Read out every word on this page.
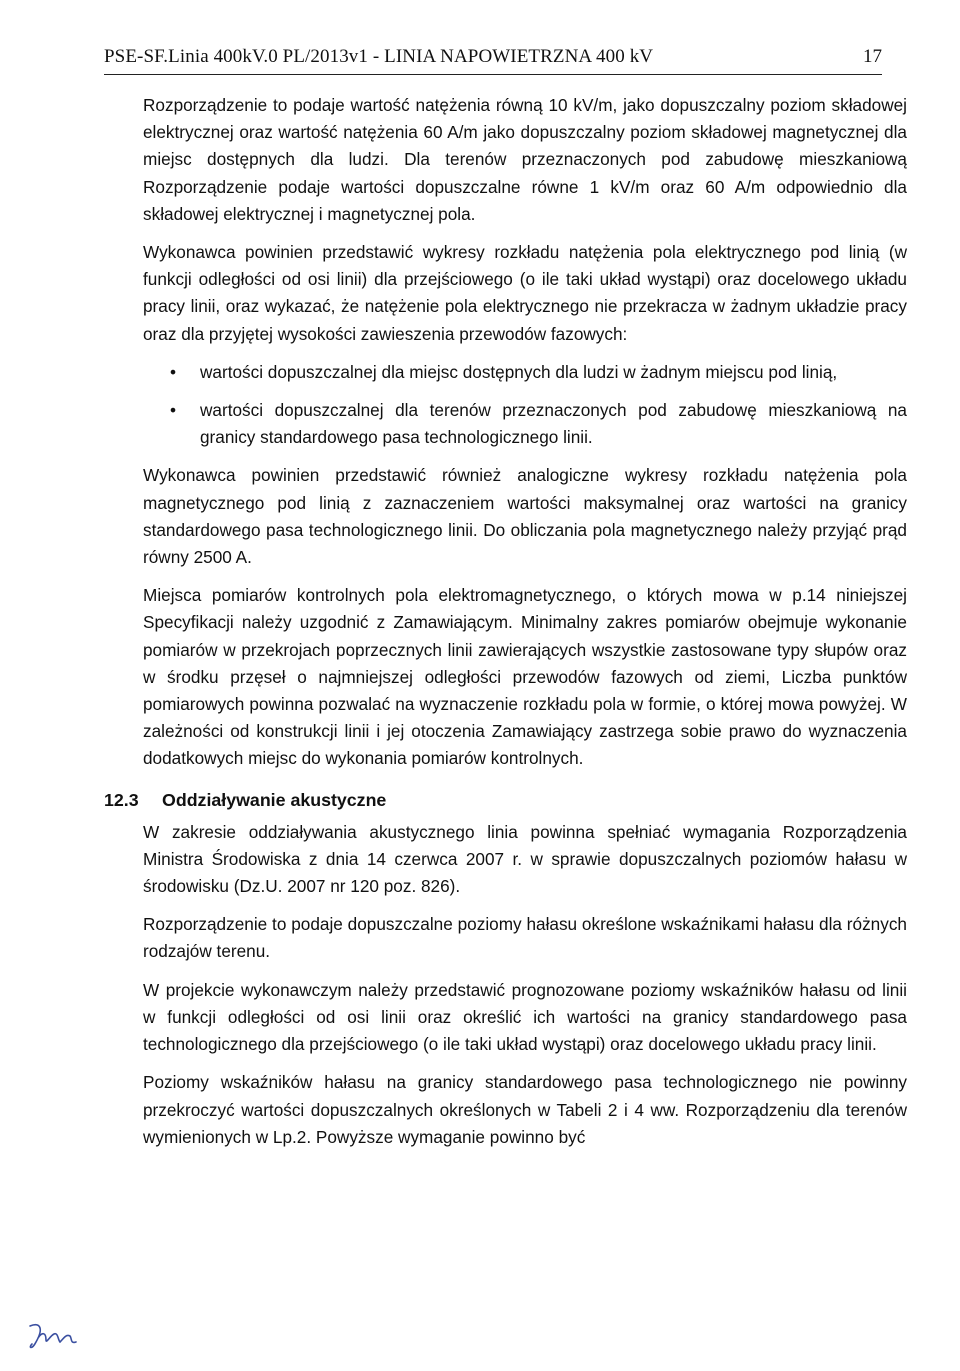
PSE-SF.Linia 400kV.0 PL/2013v1 - LINIA NAPOWIETRZNA 400 kV	17

Rozporządzenie to podaje wartość natężenia równą 10 kV/m, jako dopuszczalny poziom składowej elektrycznej oraz wartość natężenia 60 A/m jako dopuszczalny poziom składowej magnetycznej dla miejsc dostępnych dla ludzi. Dla terenów przeznaczonych pod zabudowę mieszkaniową Rozporządzenie podaje wartości dopuszczalne równe 1 kV/m oraz 60 A/m odpowiednio dla składowej elektrycznej i magnetycznej pola.

Wykonawca powinien przedstawić wykresy rozkładu natężenia pola elektrycznego pod linią (w funkcji odległości od osi linii) dla przejściowego (o ile taki układ wystąpi) oraz docelowego układu pracy linii, oraz wykazać, że natężenie pola elektrycznego nie przekracza w żadnym układzie pracy oraz dla przyjętej wysokości zawieszenia przewodów fazowych:

• wartości dopuszczalnej dla miejsc dostępnych dla ludzi w żadnym miejscu pod linią,
• wartości dopuszczalnej dla terenów przeznaczonych pod zabudowę mieszkaniową na granicy standardowego pasa technologicznego linii.

Wykonawca powinien przedstawić również analogiczne wykresy rozkładu natężenia pola magnetycznego pod linią z zaznaczeniem wartości maksymalnej oraz wartości na granicy standardowego pasa technologicznego linii. Do obliczania pola magnetycznego należy przyjąć prąd równy 2500 A.

Miejsca pomiarów kontrolnych pola elektromagnetycznego, o których mowa w p.14 niniejszej Specyfikacji należy uzgodnić z Zamawiającym. Minimalny zakres pomiarów obejmuje wykonanie pomiarów w przekrojach poprzecznych linii zawierających wszystkie zastosowane typy słupów oraz w środku przęseł o najmniejszej odległości przewodów fazowych od ziemi, Liczba punktów pomiarowych powinna pozwalać na wyznaczenie rozkładu pola w formie, o której mowa powyżej. W zależności od konstrukcji linii i jej otoczenia Zamawiający zastrzega sobie prawo do wyznaczenia dodatkowych miejsc do wykonania pomiarów kontrolnych.

12.3 Oddziaływanie akustyczne

W zakresie oddziaływania akustycznego linia powinna spełniać wymagania Rozporządzenia Ministra Środowiska z dnia 14 czerwca 2007 r. w sprawie dopuszczalnych poziomów hałasu w środowisku (Dz.U. 2007 nr 120 poz. 826).

Rozporządzenie to podaje dopuszczalne poziomy hałasu określone wskaźnikami hałasu dla różnych rodzajów terenu.

W projekcie wykonawczym należy przedstawić prognozowane poziomy wskaźników hałasu od linii w funkcji odległości od osi linii oraz określić ich wartości na granicy standardowego pasa technologicznego dla przejściowego (o ile taki układ wystąpi) oraz docelowego układu pracy linii.

Poziomy wskaźników hałasu na granicy standardowego pasa technologicznego nie powinny przekroczyć wartości dopuszczalnych określonych w Tabeli 2 i 4 ww. Rozporządzeniu dla terenów wymienionych w Lp.2. Powyższe wymaganie powinno być
